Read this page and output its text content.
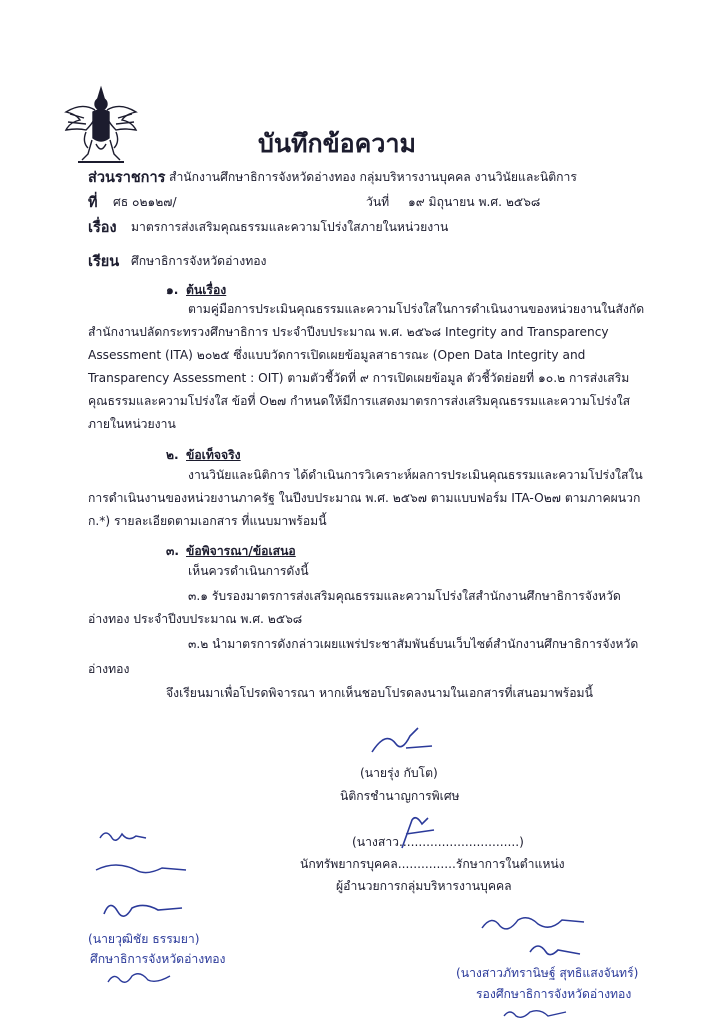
บันทึกข้อความ
ส่วนราชการ สำนักงานศึกษาธิการจังหวัดอ่างทอง กลุ่มบริหารงานบุคคล งานวินัยและนิติการ
ที่ ศธ ๐๒๑๒๗/	วันที่ ๑๙ มิถุนายน พ.ศ. ๒๕๖๘
เรื่อง มาตรการส่งเสริมคุณธรรมและความโปร่งใสภายในหน่วยงาน
เรียน ศึกษาธิการจังหวัดอ่างทอง
๑. ต้นเรื่อง
ตามคู่มือการประเมินคุณธรรมและความโปร่งใสในการดำเนินงานของหน่วยงานในสังกัด
สำนักงานปลัดกระทรวงศึกษาธิการ ประจำปีงบประมาณ พ.ศ. ๒๕๖๘ Integrity and Transparency
Assessment (ITA) ๒๐๒๕ ซึ่งแบบวัดการเปิดเผยข้อมูลสาธารณะ (Open Data Integrity and
Transparency Assessment : OIT) ตามตัวชี้วัดที่ ๙ การเปิดเผยข้อมูล ตัวชี้วัดย่อยที่ ๑๐.๒ การส่งเสริม
คุณธรรมและความโปร่งใส ข้อที่ O๒๗ กำหนดให้มีการแสดงมาตรการส่งเสริมคุณธรรมและความโปร่งใส
ภายในหน่วยงาน
๒. ข้อเท็จจริง
งานวินัยและนิติการ ได้ดำเนินการวิเคราะห์ผลการประเมินคุณธรรมและความโปร่งใสใน
การดำเนินงานของหน่วยงานภาครัฐ ในปีงบประมาณ พ.ศ. ๒๕๖๗ ตามแบบฟอร์ม ITA-O๒๗ ตามภาคผนวก
ก.*) รายละเอียดตามเอกสาร ที่แนบมาพร้อมนี้
๓. ข้อพิจารณา/ข้อเสนอ
เห็นควรดำเนินการดังนี้
๓.๑ รับรองมาตรการส่งเสริมคุณธรรมและความโปร่งใสสำนักงานศึกษาธิการจังหวัด
อ่างทอง ประจำปีงบประมาณ พ.ศ. ๒๕๖๘
๓.๒ นำมาตรการดังกล่าวเผยแพร่ประชาสัมพันธ์บนเว็บไซต์สำนักงานศึกษาธิการจังหวัด
อ่างทอง
จึงเรียนมาเพื่อโปรดพิจารณา หากเห็นชอบโปรดลงนามในเอกสารที่เสนอมาพร้อมนี้
(นายรุ่ง กับโต)
นิติกรชำนาญการพิเศษ
(นางสาว...............................)
นักทรัพยากรบุคคล...............รักษาการในตำแหน่ง
ผู้อำนวยการกลุ่มบริหารงานบุคคล
(นายวุฒิชัย ธรรมยา)
ศึกษาธิการจังหวัดอ่างทอง
(นางสาวภัทรานิษฐ์ สุทธิแสงจันทร์)
รองศึกษาธิการจังหวัดอ่างทอง
